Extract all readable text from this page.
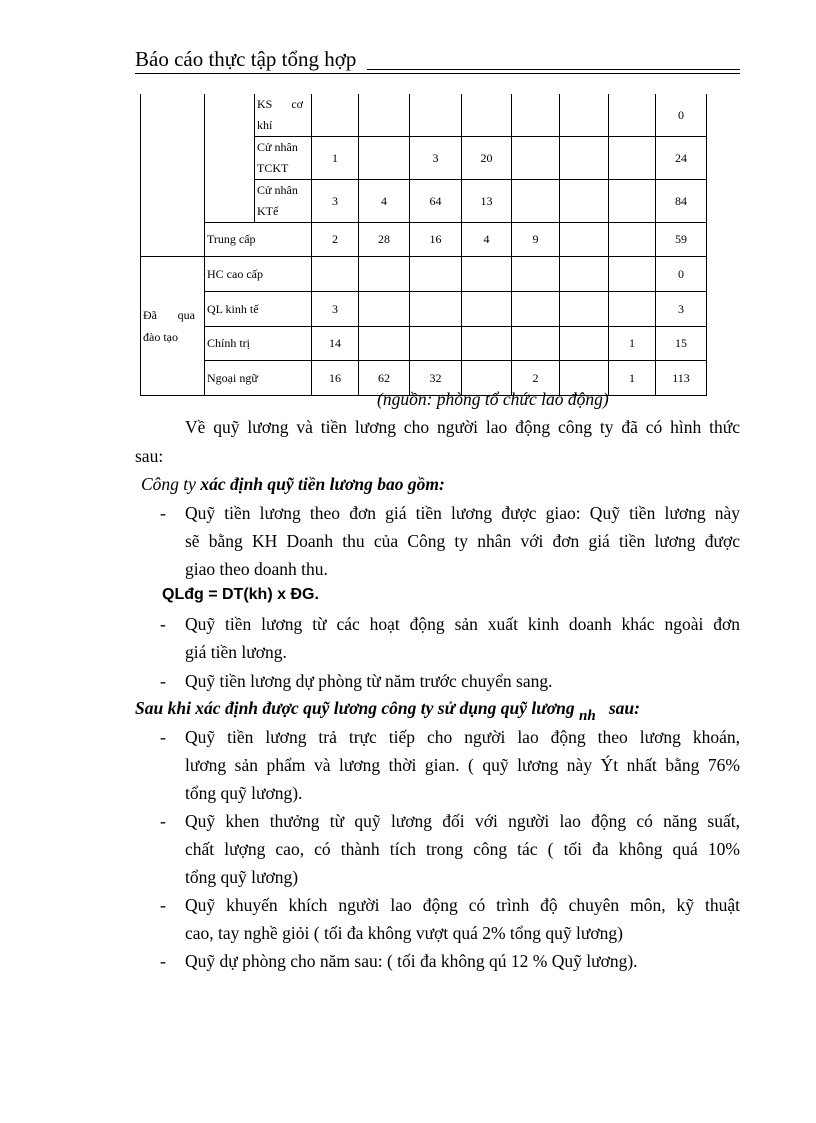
Báo cáo thực tập tổng hợp

		KS cơ
khí								0
		Cử nhân
TCKT	1		3	20				24
		Cử nhân
KTế	3	4	64	13				84
	Trung cấp		2	28	16	4	9			59

Đã qua
đào tạo	HC cao cấp									0
	QL kinh tế		3							3
	Chính trị		14						1	15
	Ngoại ngữ		16	62	32		2		1	113
(nguồn: phòng tổ chức lao động)
Về quỹ lương và tiền lương cho người lao động công ty đã có hình thức
sau:
Công ty xác định quỹ tiền lương bao gồm:
- Quỹ tiền lương theo đơn giá tiền lương được giao: Quỹ tiền lương này
sẽ bằng KH Doanh thu của Công ty nhân với đơn giá tiền lương được
giao theo doanh thu.
QLđg = DT(kh) x ĐG.
- Quỹ tiền lương từ các hoạt động sản xuất kinh doanh khác ngoài đơn
giá tiền lương.
- Quỹ tiền lương dự phòng từ năm trước chuyển sang.
Sau khi xác định được quỹ lương công ty sử dụng quỹ lương nh sau:
- Quỹ tiền lương trả trực tiếp cho người lao động theo lương khoán,
lương sản phẩm và lương thời gian. ( quỹ lương này Ýt nhất bằng 76%
tổng quỹ lương).
- Quỹ khen thưởng từ quỹ lương đối với người lao động có năng suất,
chất lượng cao, có thành tích trong công tác ( tối đa không quá 10%
tổng quỹ lương)
- Quỹ khuyến khích người lao động có trình độ chuyên môn, kỹ thuật
cao, tay nghề giỏi ( tối đa không vượt quá 2% tổng quỹ lương)
- Quỹ dự phòng cho năm sau: ( tối đa không qú 12 % Quỹ lương).
